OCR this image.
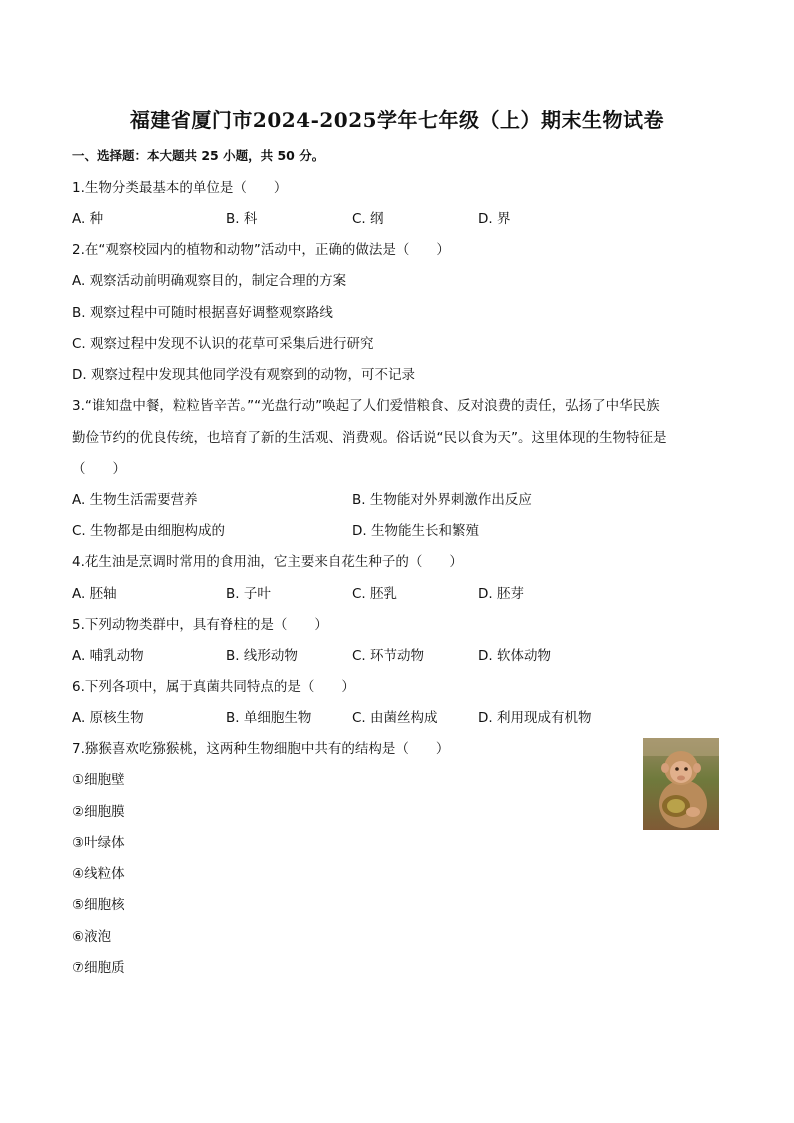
福建省厦门市2024-2025学年七年级（上）期末生物试卷
一、选择题：本大题共 25 小题，共 50 分。
1.生物分类最基本的单位是（　　）
A. 种	B. 科	C. 纲	D. 界
2.在“观察校园内的植物和动物”活动中，正确的做法是（　　）
A. 观察活动前明确观察目的，制定合理的方案
B. 观察过程中可随时根据喜好调整观察路线
C. 观察过程中发现不认识的花草可采集后进行研究
D. 观察过程中发现其他同学没有观察到的动物，可不记录
3.“谁知盘中餐，粒粒皆辛苦。”“光盘行动”唤起了人们爱惜粮食、反对浪费的责任，弘扬了中华民族
勤俭节约的优良传统，也培育了新的生活观、消费观。俗话说“民以食为天”。这里体现的生物特征是
（　　）
A. 生物生活需要营养	B. 生物能对外界刺激作出反应
C. 生物都是由细胞构成的	D. 生物能生长和繁殖
4.花生油是烹调时常用的食用油，它主要来自花生种子的（　　）
A. 胚轴	B. 子叶	C. 胚乳	D. 胚芽
5.下列动物类群中，具有脊柱的是（　　）
A. 哺乳动物	B. 线形动物	C. 环节动物	D. 软体动物
6.下列各项中，属于真菌共同特点的是（　　）
A. 原核生物	B. 单细胞生物	C. 由菌丝构成	D. 利用现成有机物
7.猕猴喜欢吃猕猴桃，这两种生物细胞中共有的结构是（　　）
①细胞壁
②细胞膜
③叶绿体
④线粒体
⑤细胞核
⑥液泡
⑦细胞质
